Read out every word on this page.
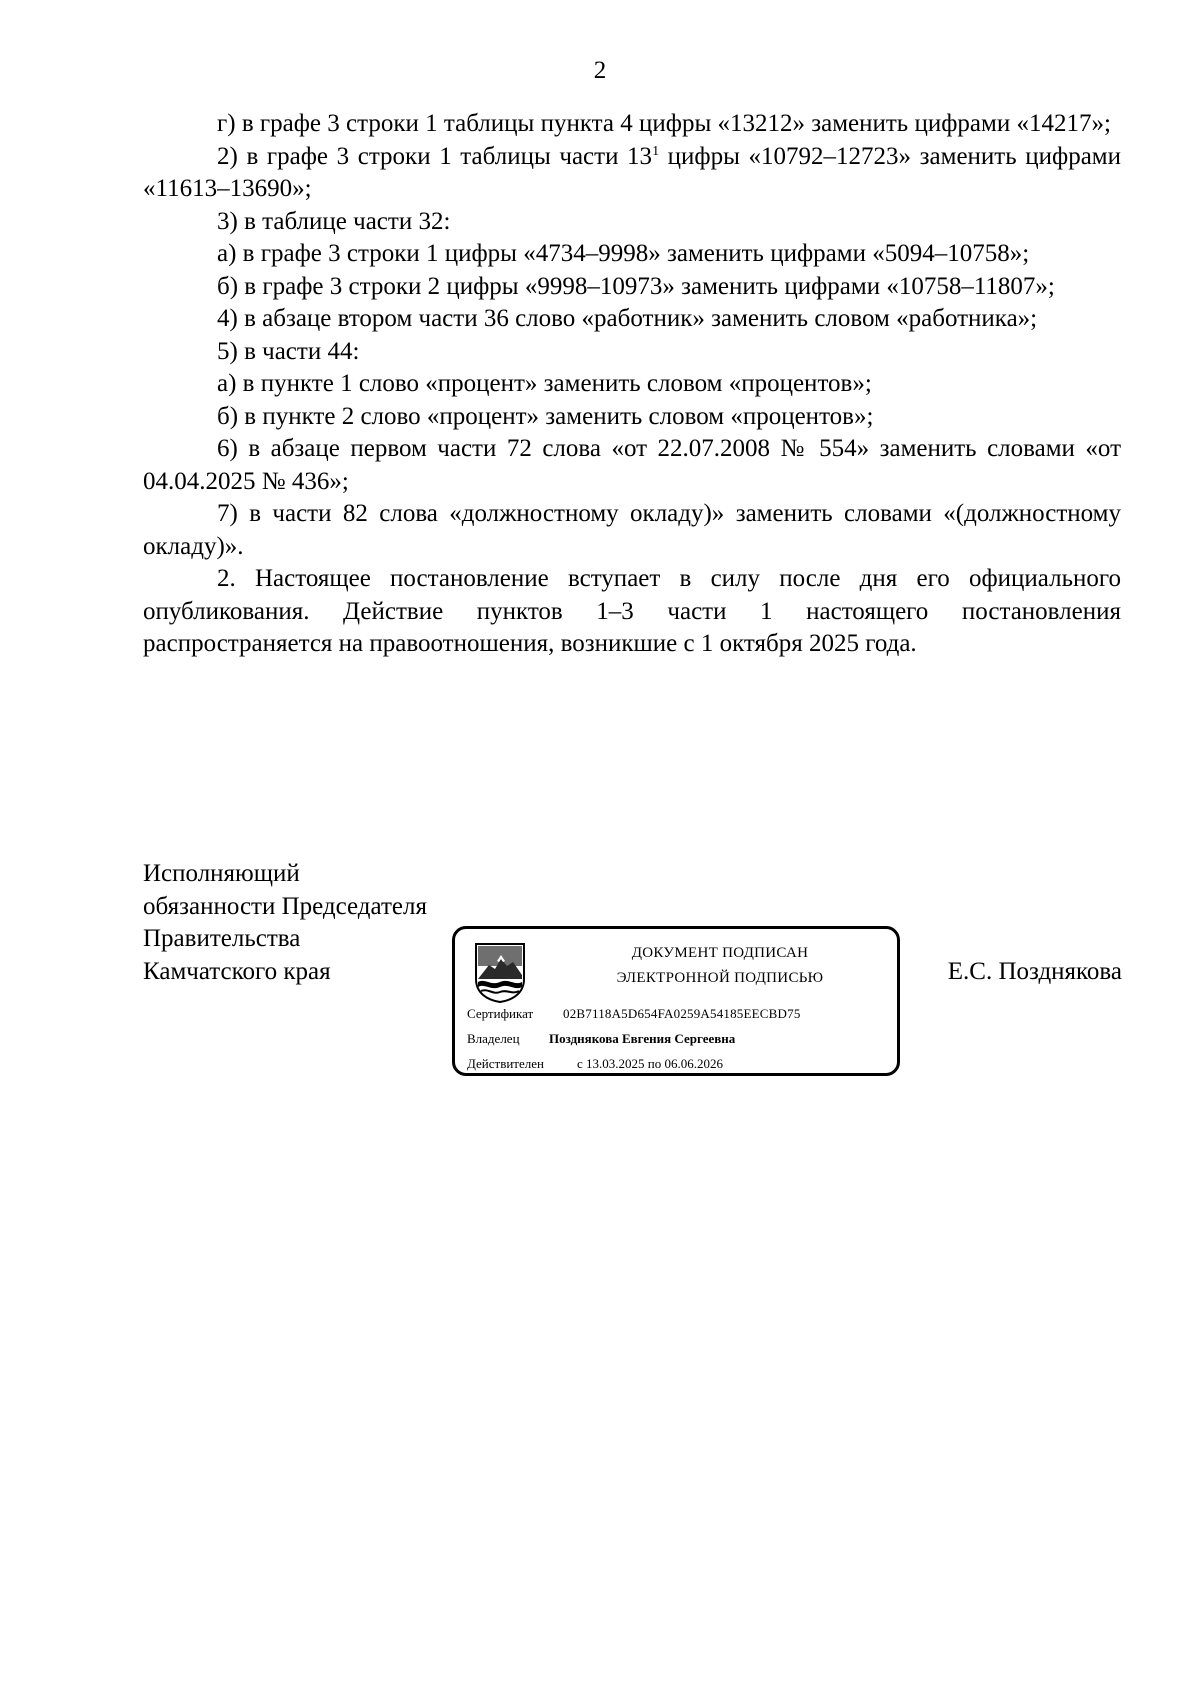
2

г) в графе 3 строки 1 таблицы пункта 4 цифры «13212» заменить цифрами «14217»;

2) в графе 3 строки 1 таблицы части $13^1$ цифры «10792–12723» заменить цифрами «11613–13690»;

3) в таблице части 32:

а) в графе 3 строки 1 цифры «4734–9998» заменить цифрами «5094–10758»;

б) в графе 3 строки 2 цифры «9998–10973» заменить цифрами «10758–11807»;

4) в абзаце втором части 36 слово «работник» заменить словом «работника»;

5) в части 44:

а) в пункте 1 слово «процент» заменить словом «процентов»;

б) в пункте 2 слово «процент» заменить словом «процентов»;

6) в абзаце первом части 72 слова «от 22.07.2008 № 554» заменить словами «от 04.04.2025 № 436»;

7) в части 82 слова «должностному окладу)» заменить словами «(должностному окладу)».

2. Настоящее постановление вступает в силу после дня его официального опубликования. Действие пунктов 1–3 части 1 настоящего постановления распространяется на правоотношения, возникшие с 1 октября 2025 года.

Исполняющий
обязанности Председателя
Правительства
Камчатского края
ДОКУМЕНТ ПОДПИСАН
ЭЛЕКТРОННОЙ ПОДПИСЬЮ
Сертификат 02B7118A5D654FA0259A54185EECBD75
Владелец Позднякова Евгения Сергеевна
Действителен	с 13.03.2025 по 06.06.2026
Е.С. Позднякова
